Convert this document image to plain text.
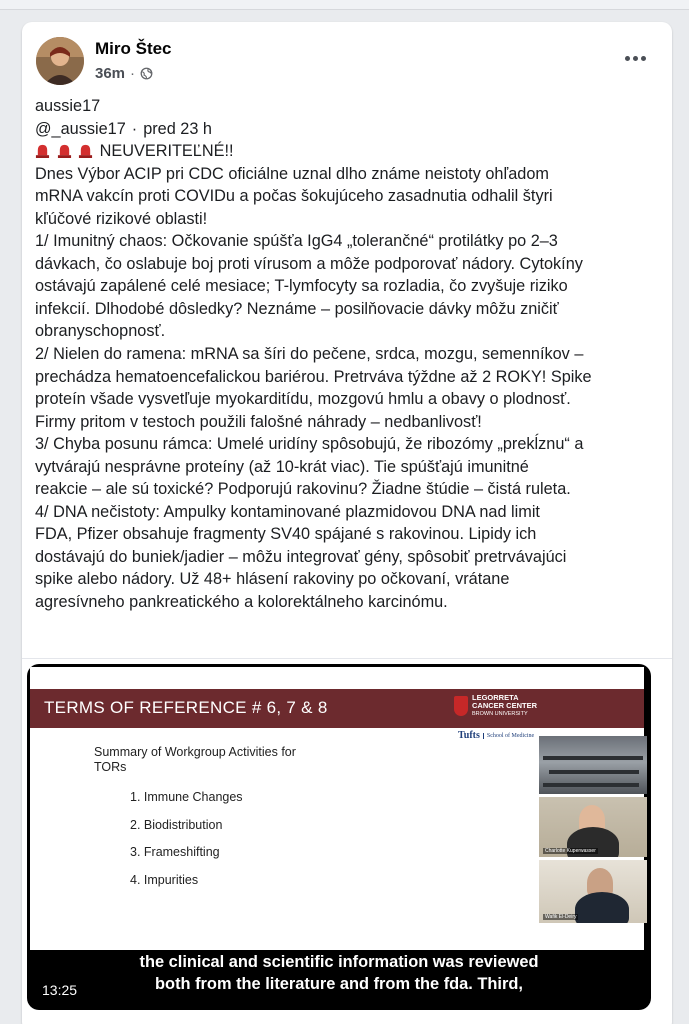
Miro Štec
36m ·

aussie17

@_aussie17 · pred 23 h

NEUVERITEĽNÉ!!

Dnes Výbor ACIP pri CDC oficiálne uznal dlho známe neistoty ohľadom

mRNA vakcín proti COVIDu a počas šokujúceho zasadnutia odhalil štyri

kľúčové rizikové oblasti!

1/ Imunitný chaos: Očkovanie spúšťa IgG4 „tolerančné“ protilátky po 2–3

dávkach, čo oslabuje boj proti vírusom a môže podporovať nádory. Cytokíny

ostávajú zapálené celé mesiace; T-lymfocyty sa rozladia, čo zvyšuje riziko

infekcií. Dlhodobé dôsledky? Neznáme – posilňovacie dávky môžu zničiť

obranyschopnosť.

2/ Nielen do ramena: mRNA sa šíri do pečene, srdca, mozgu, semenníkov –

prechádza hematoencefalickou bariérou. Pretrváva týždne až 2 ROKY! Spike

proteín všade vysvetľuje myokarditídu, mozgovú hmlu a obavy o plodnosť.

Firmy pritom v testoch použili falošné náhrady – nedbanlivosť!

3/ Chyba posunu rámca: Umelé uridíny spôsobujú, že ribozómy „prekĺznu“ a

vytvárajú nesprávne proteíny (až 10-krát viac). Tie spúšťajú imunitné

reakcie – ale sú toxické? Podporujú rakovinu? Žiadne štúdie – čistá ruleta.

4/ DNA nečistoty: Ampulky kontaminované plazmidovou DNA nad limit

FDA, Pfizer obsahuje fragmenty SV40 spájané s rakovinou. Lipidy ich

dostávajú do buniek/jadier – môžu integrovať gény, spôsobiť pretrvávajúci

spike alebo nádory. Už 48+ hlásení rakoviny po očkovaní, vrátane

agresívneho pankreatického a kolorektálneho karcinómu.

TERMS OF REFERENCE # 6, 7 & 8
LEGORRETA
CANCER CENTER
BROWN UNIVERSITY
Tufts	School of Medicine
Summary of Workgroup Activities for
TORs
1. Immune Changes
2. Biodistribution
3. Frameshifting
4. Impurities
Charlotte Kuperwasser
Wafik El-Deiry
aussie17.com

the clinical and scientific information was reviewed

both from the literature and from the fda. Third,

13:25
